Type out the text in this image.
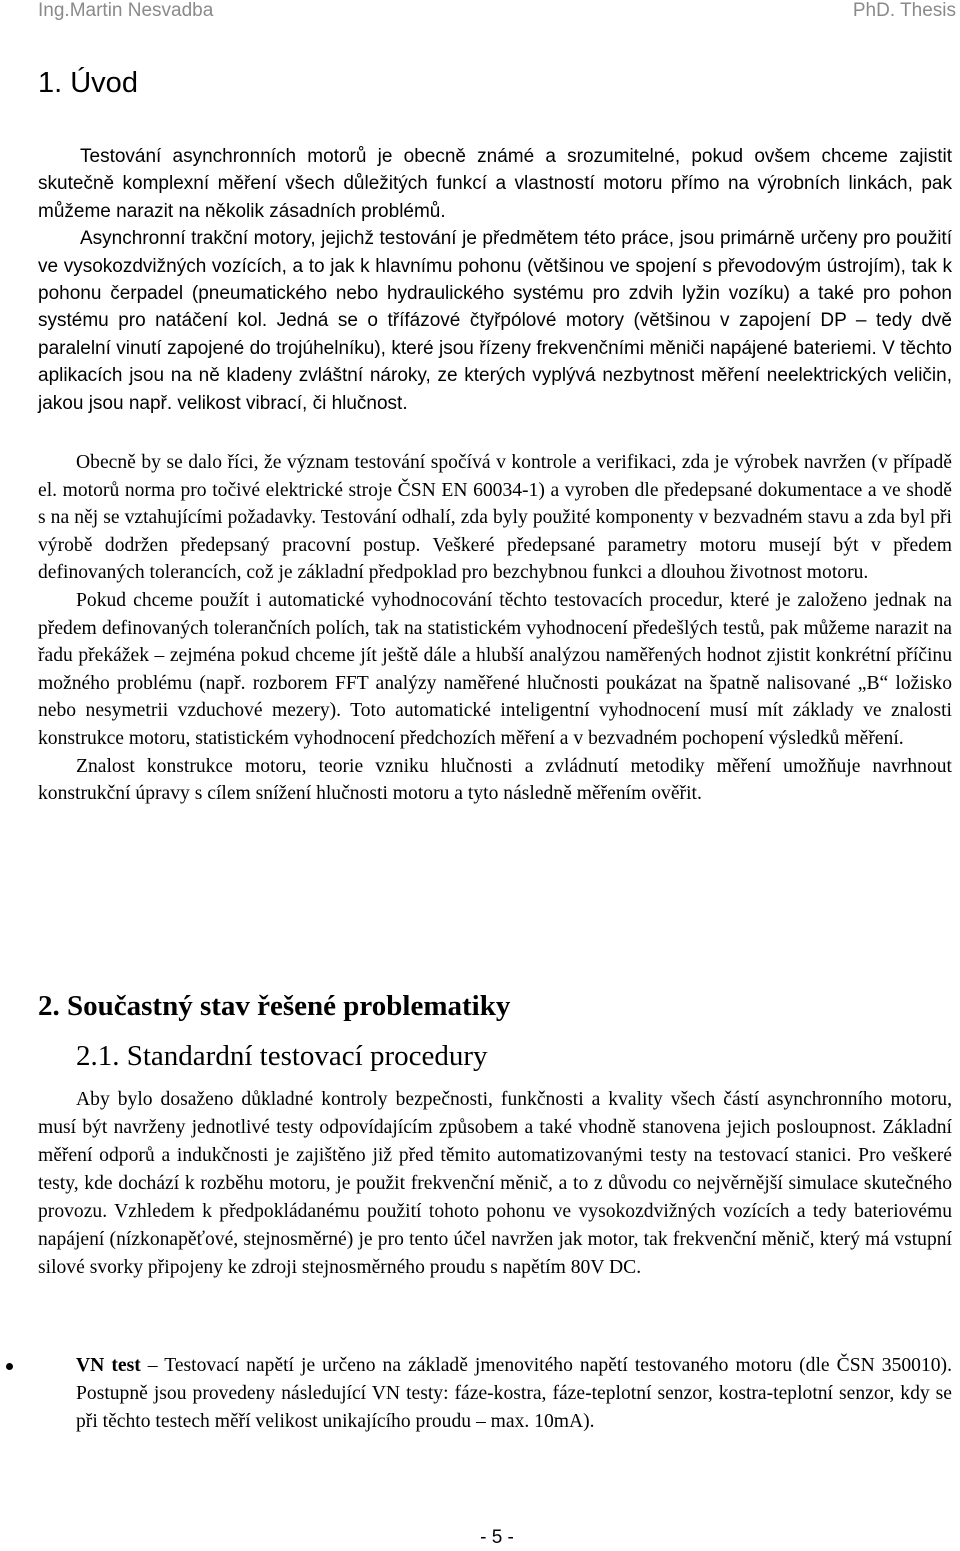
Ing.Martin Nesvadba	PhD. Thesis
1. Úvod

Testování asynchronních motorů je obecně známé a srozumitelné, pokud ovšem chceme zajistit skutečně komplexní měření všech důležitých funkcí a vlastností motoru přímo na výrobních linkách, pak můžeme narazit na několik zásadních problémů.

Asynchronní trakční motory, jejichž testování je předmětem této práce, jsou primárně určeny pro použití ve vysokozdvižných vozících, a to jak k hlavnímu pohonu (většinou ve spojení s převodovým ústrojím), tak k pohonu čerpadel (pneumatického nebo hydraulického systému pro zdvih lyžin vozíku) a také pro pohon systému pro natáčení kol. Jedná se o třífázové čtyřpólové motory (většinou v zapojení DP – tedy dvě paralelní vinutí zapojené do trojúhelníku), které jsou řízeny frekvenčními měniči napájené bateriemi. V těchto aplikacích jsou na ně kladeny zvláštní nároky, ze kterých vyplývá nezbytnost měření neelektrických veličin, jakou jsou např. velikost vibrací, či hlučnost.

Obecně by se dalo říci, že význam testování spočívá v kontrole a verifikaci, zda je výrobek navržen (v případě el. motorů norma pro točivé elektrické stroje ČSN EN 60034-1) a vyroben dle předepsané dokumentace a ve shodě s na něj se vztahujícími požadavky. Testování odhalí, zda byly použité komponenty v bezvadném stavu a zda byl při výrobě dodržen předepsaný pracovní postup. Veškeré předepsané parametry motoru musejí být v předem definovaných tolerancích, což je základní předpoklad pro bezchybnou funkci a dlouhou životnost motoru.

Pokud chceme použít i automatické vyhodnocování těchto testovacích procedur, které je založeno jednak na předem definovaných tolerančních polích, tak na statistickém vyhodnocení předešlých testů, pak můžeme narazit na řadu překážek – zejména pokud chceme jít ještě dále a hlubší analýzou naměřených hodnot zjistit konkrétní příčinu možného problému (např. rozborem FFT analýzy naměřené hlučnosti poukázat na špatně nalisované „B“ ložisko nebo nesymetrii vzduchové mezery). Toto automatické inteligentní vyhodnocení musí mít základy ve znalosti konstrukce motoru, statistickém vyhodnocení předchozích měření a v bezvadném pochopení výsledků měření.

Znalost konstrukce motoru, teorie vzniku hlučnosti a zvládnutí metodiky měření umožňuje navrhnout konstrukční úpravy s cílem snížení hlučnosti motoru a tyto následně měřením ověřit.

2. Součastný stav řešené problematiky
2.1. Standardní testovací procedury

Aby bylo dosaženo důkladné kontroly bezpečnosti, funkčnosti a kvality všech částí asynchronního motoru, musí být navrženy jednotlivé testy odpovídajícím způsobem a také vhodně stanovena jejich posloupnost. Základní měření odporů a indukčnosti je zajištěno již před těmito automatizovanými testy na testovací stanici. Pro veškeré testy, kde dochází k rozběhu motoru, je použit frekvenční měnič, a to z důvodu co nejvěrnější simulace skutečného provozu. Vzhledem k předpokládanému použití tohoto pohonu ve vysokozdvižných vozících a tedy bateriovému napájení (nízkonapěťové, stejnosměrné) je pro tento účel navržen jak motor, tak frekvenční měnič, který má vstupní silové svorky připojeny ke zdroji stejnosměrného proudu s napětím 80V DC.

VN test – Testovací napětí je určeno na základě jmenovitého napětí testovaného motoru (dle ČSN 350010). Postupně jsou provedeny následující VN testy: fáze-kostra, fáze-teplotní senzor, kostra-teplotní senzor, kdy se při těchto testech měří velikost unikajícího proudu – max. 10mA).
- 5 -
